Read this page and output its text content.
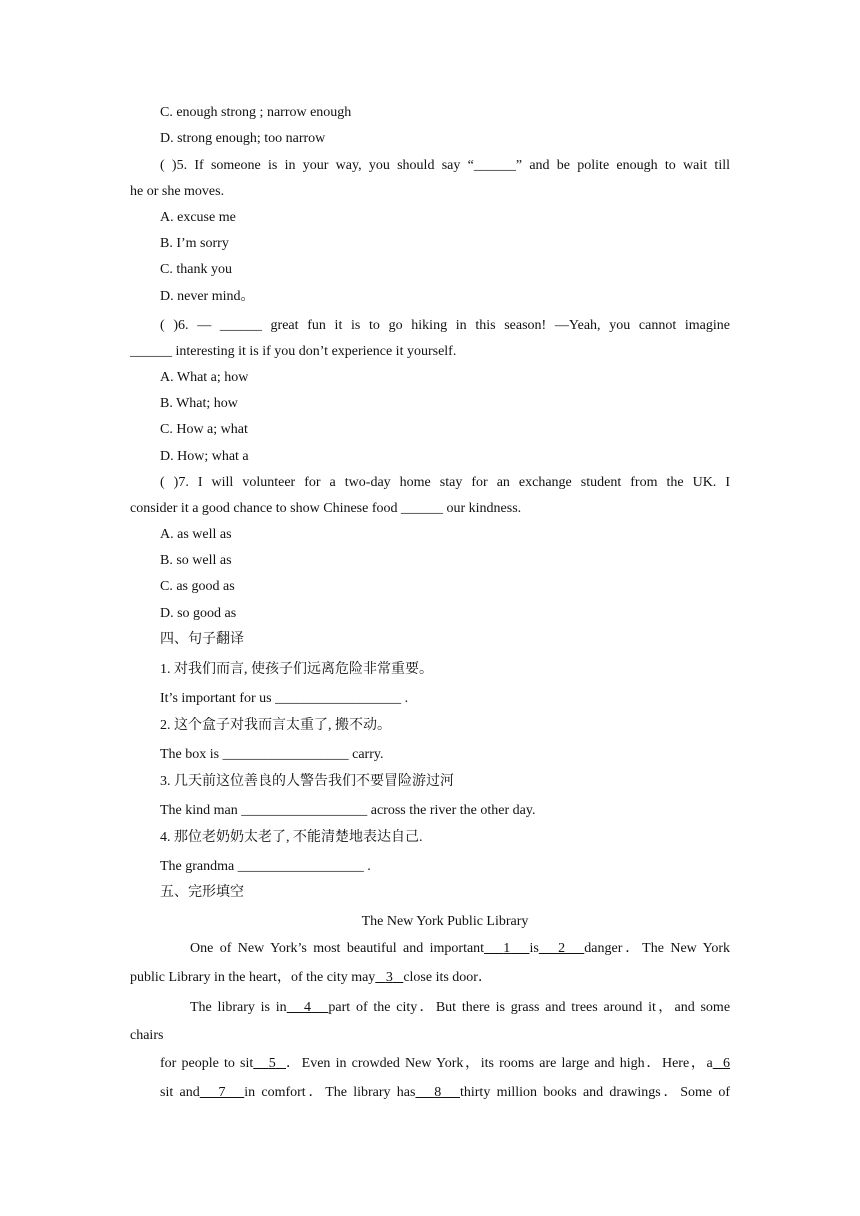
C. enough strong ; narrow enough
D. strong enough; too narrow
( )5. If someone is in your way, you should say “______” and be polite enough to wait till
he or she moves.
A. excuse me
B. I’m sorry
C. thank you
D. never mind。
( )6. — ______ great fun it is to go hiking in this season! —Yeah, you cannot imagine
______ interesting it is if you don’t experience it yourself.
A. What a; how
B. What; how
C. How a; what
D. How; what a
( )7. I will volunteer for a two-day home stay for an exchange student from the UK. I
consider it a good chance to show Chinese food ______ our kindness.
A. as well as
B. so well as
C. as good as
D. so good as
四、句子翻译
1. 对我们而言, 使孩子们远离危险非常重要。
It’s important for us __________________ .
2. 这个盒子对我而言太重了, 搬不动。
The box is __________________ carry.
3. 几天前这位善良的人警告我们不要冒险游过河
The kind man __________________ across the river the other day.
4. 那位老奶奶太老了, 不能清楚地表达自己.
The grandma __________________ .
五、完形填空
The New York Public Library
One of New York’s most beautiful and important 1 is 2 danger．The New York
public Library in the heart，of the city may 3 close its door．
The library is in 4 part of the city．But there is grass and trees around it，and some
chairs
for people to sit 5 ．Even in crowded New York，its rooms are large and high．Here，a 6
sit and 7 in comfort．The library has 8 thirty million books and drawings．Some of
